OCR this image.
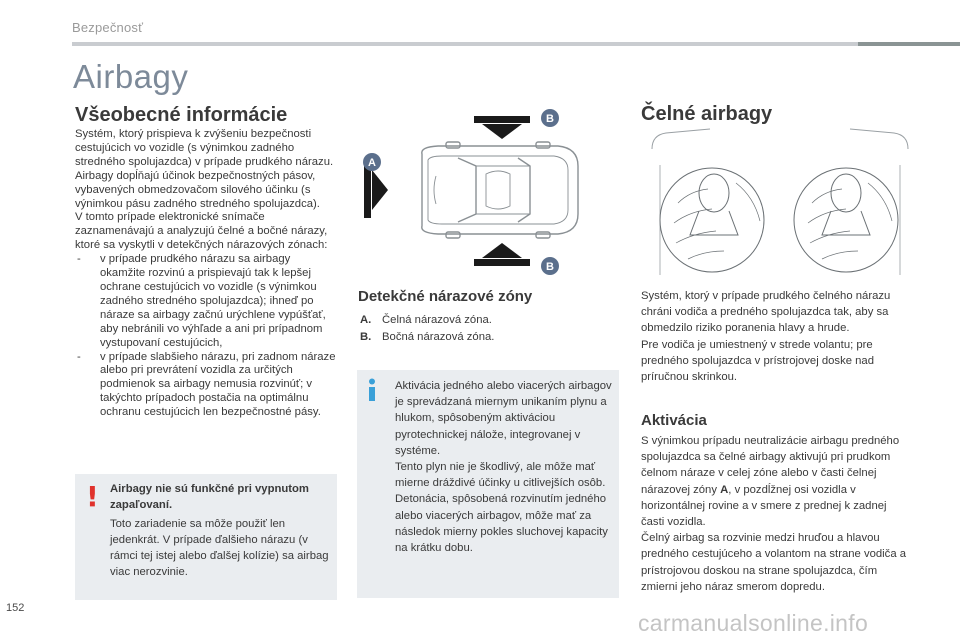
Bezpečnosť
Airbagy
Všeobecné informácie

Systém, ktorý prispieva k zvýšeniu bezpečnosti cestujúcich vo vozidle (s výnimkou zadného stredného spolujazdca) v prípade prudkého nárazu. Airbagy dopĺňajú účinok bezpečnostných pásov, vybavených obmedzovačom silového účinku (s výnimkou pásu zadného stredného spolujazdca).

V tomto prípade elektronické snímače zaznamenávajú a analyzujú čelné a bočné nárazy, ktoré sa vyskytli v detekčných nárazových zónach:

- v prípade prudkého nárazu sa airbagy okamžite rozvinú a prispievajú tak k lepšej ochrane cestujúcich vo vozidle (s výnimkou zadného stredného spolujazdca); ihneď po náraze sa airbagy začnú urýchlene vypúšťať, aby nebránili vo výhľade a ani pri prípadnom vystupovaní cestujúcich,
- v prípade slabšieho nárazu, pri zadnom náraze alebo pri prevrátení vozidla za určitých podmienok sa airbagy nemusia rozvinúť; v takýchto prípadoch postačia na optimálnu ochranu cestujúcich len bezpečnostné pásy.
! Airbagy nie sú funkčné pri vypnutom zapaľovaní.
Toto zariadenie sa môže použiť len jedenkrát. V prípade ďalšieho nárazu (v rámci tej istej alebo ďalšej kolízie) sa airbag viac nerozvinie.
B
A
B
Detekčné nárazové zóny
A. Čelná nárazová zóna.
B. Bočná nárazová zóna.

Aktivácia jedného alebo viacerých airbagov je sprevádzaná miernym unikaním plynu a hlukom, spôsobeným aktiváciou pyrotechnickej nálože, integrovanej v systéme.

Tento plyn nie je škodlivý, ale môže mať mierne dráždivé účinky u citlivejších osôb.

Detonácia, spôsobená rozvinutím jedného alebo viacerých airbagov, môže mať za následok mierny pokles sluchovej kapacity na krátku dobu.

Čelné airbagy

Systém, ktorý v prípade prudkého čelného nárazu chráni vodiča a predného spolujazdca tak, aby sa obmedzilo riziko poranenia hlavy a hrude.

Pre vodiča je umiestnený v strede volantu; pre predného spolujazdca v prístrojovej doske nad príručnou skrinkou.

Aktivácia

S výnimkou prípadu neutralizácie airbagu predného spolujazdca sa čelné airbagy aktivujú pri prudkom čelnom náraze v celej zóne alebo v časti čelnej nárazovej zóny A, v pozdĺžnej osi vozidla v horizontálnej rovine a v smere z prednej k zadnej časti vozidla.

Čelný airbag sa rozvinie medzi hruďou a hlavou predného cestujúceho a volantom na strane vodiča a prístrojovou doskou na strane spolujazdca, čím zmierni jeho náraz smerom dopredu.

152
carmanualsonline.info
